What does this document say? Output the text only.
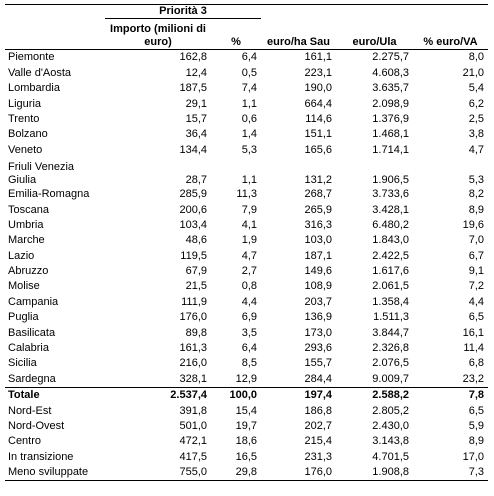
	Priorità 3				
	Importo (milioni di euro)	%	euro/ha Sau	euro/Ula	% euro/VA
Piemonte	162,8	6,4	161,1	2.275,7	8,0
Valle d'Aosta	12,4	0,5	223,1	4.608,3	21,0
Lombardia	187,5	7,4	190,0	3.635,7	5,4
Liguria	29,1	1,1	664,4	2.098,9	6,2
Trento	15,7	0,6	114,6	1.376,9	2,5
Bolzano	36,4	1,4	151,1	1.468,1	3,8
Veneto	134,4	5,3	165,6	1.714,1	4,7
Friuli Venezia Giulia	28,7	1,1	131,2	1.906,5	5,3
Emilia-Romagna	285,9	11,3	268,7	3.733,6	8,2
Toscana	200,6	7,9	265,9	3.428,1	8,9
Umbria	103,4	4,1	316,3	6.480,2	19,6
Marche	48,6	1,9	103,0	1.843,0	7,0
Lazio	119,5	4,7	187,1	2.422,5	6,7
Abruzzo	67,9	2,7	149,6	1.617,6	9,1
Molise	21,5	0,8	108,9	2.061,5	7,2
Campania	111,9	4,4	203,7	1.358,4	4,4
Puglia	176,0	6,9	136,9	1.511,3	6,5
Basilicata	89,8	3,5	173,0	3.844,7	16,1
Calabria	161,3	6,4	293,6	2.326,8	11,4
Sicilia	216,0	8,5	155,7	2.076,5	6,8
Sardegna	328,1	12,9	284,4	9.009,7	23,2
Totale	2.537,4	100,0	197,4	2.588,2	7,8
Nord-Est	391,8	15,4	186,8	2.805,2	6,5
Nord-Ovest	501,0	19,7	202,7	2.430,0	5,9
Centro	472,1	18,6	215,4	3.143,8	8,9
In transizione	417,5	16,5	231,3	4.701,5	17,0
Meno sviluppate	755,0	29,8	176,0	1.908,8	7,3
